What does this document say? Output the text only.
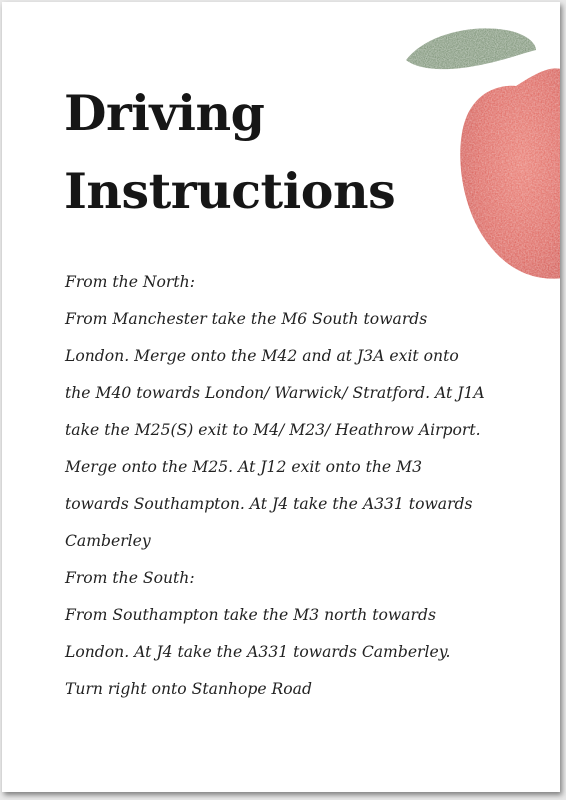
Driving
Instructions

From the North:

From Manchester take the M6 South towards London. Merge onto the M42 and at J3A exit onto the M40 towards London/ Warwick/ Stratford. At J1A take the M25(S) exit to M4/ M23/ Heathrow Airport. Merge onto the M25. At J12 exit onto the M3 towards Southampton. At J4 take the A331 towards Camberley

From the South:

From Southampton take the M3 north towards London. At J4 take the A331 towards Camberley. Turn right onto Stanhope Road
